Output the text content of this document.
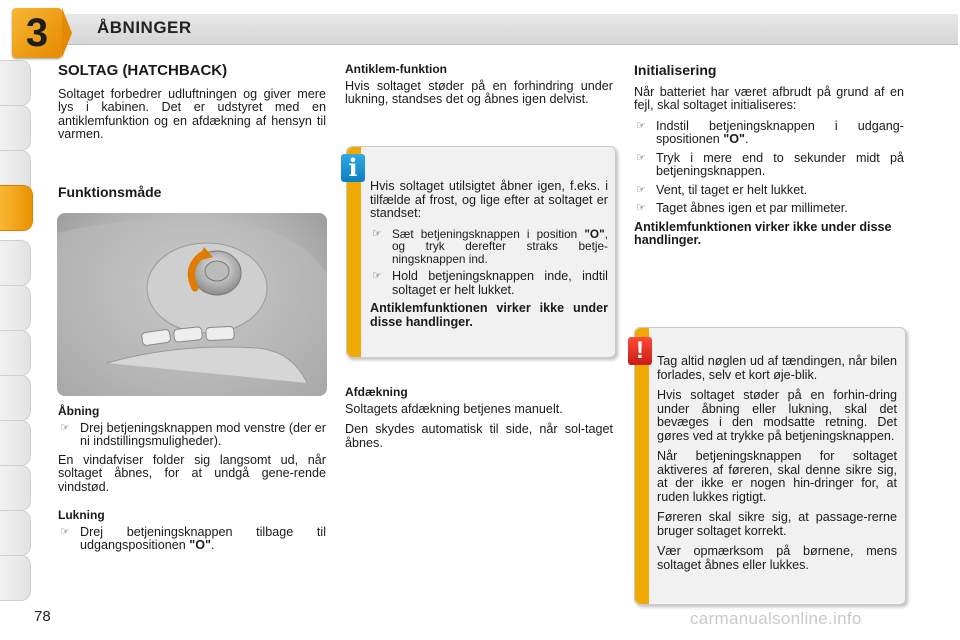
3	ÅBNINGER
SOLTAG (HATCHBACK)

Soltaget forbedrer udluftningen og giver mere lys i kabinen. Det er udstyret med en antiklemfunktion og en afdækning af hensyn til varmen.

Funktionsmåde
Åbning
☞ Drej betjeningsknappen mod venstre (der er ni indstillingsmuligheder).

En vindafviser folder sig langsomt ud, når soltaget åbnes, for at undgå gene-rende vindstød.

Lukning
☞ Drej betjeningsknappen tilbage til udgangspositionen "O".
Antiklem-funktion

Hvis soltaget støder på en forhindring under lukning, standses det og åbnes igen delvist.

i

Hvis soltaget utilsigtet åbner igen, f.eks. i tilfælde af frost, og lige efter at soltaget er standset:

☞ Sæt betjeningsknappen i position "O", og tryk derefter straks betje-ningsknappen ind.
☞ Hold betjeningsknappen inde, indtil soltaget er helt lukket.

Antiklemfunktionen virker ikke under disse handlinger.

Afdækning

Soltagets afdækning betjenes manuelt.

Den skydes automatisk til side, når sol-taget åbnes.

Initialisering

Når batteriet har været afbrudt på grund af en fejl, skal soltaget initialiseres:

☞ Indstil betjeningsknappen i udgang-spositionen "O".
☞ Tryk i mere end to sekunder midt på betjeningsknappen.
☞ Vent, til taget er helt lukket.
☞ Taget åbnes igen et par millimeter.

Antiklemfunktionen virker ikke under disse handlinger.

!	Tag altid nøglen ud af tændingen, når bilen forlades, selv et kort øje-blik.

Hvis soltaget støder på en forhin-dring under åbning eller lukning, skal det bevæges i den modsatte retning. Det gøres ved at trykke på betjeningsknappen.

Når betjeningsknappen for soltaget aktiveres af føreren, skal denne sikre sig, at der ikke er nogen hin-dringer for, at ruden lukkes rigtigt.

Føreren skal sikre sig, at passage-rerne bruger soltaget korrekt.

Vær opmærksom på børnene, mens soltaget åbnes eller lukkes.

78	carmanualsonline.info
